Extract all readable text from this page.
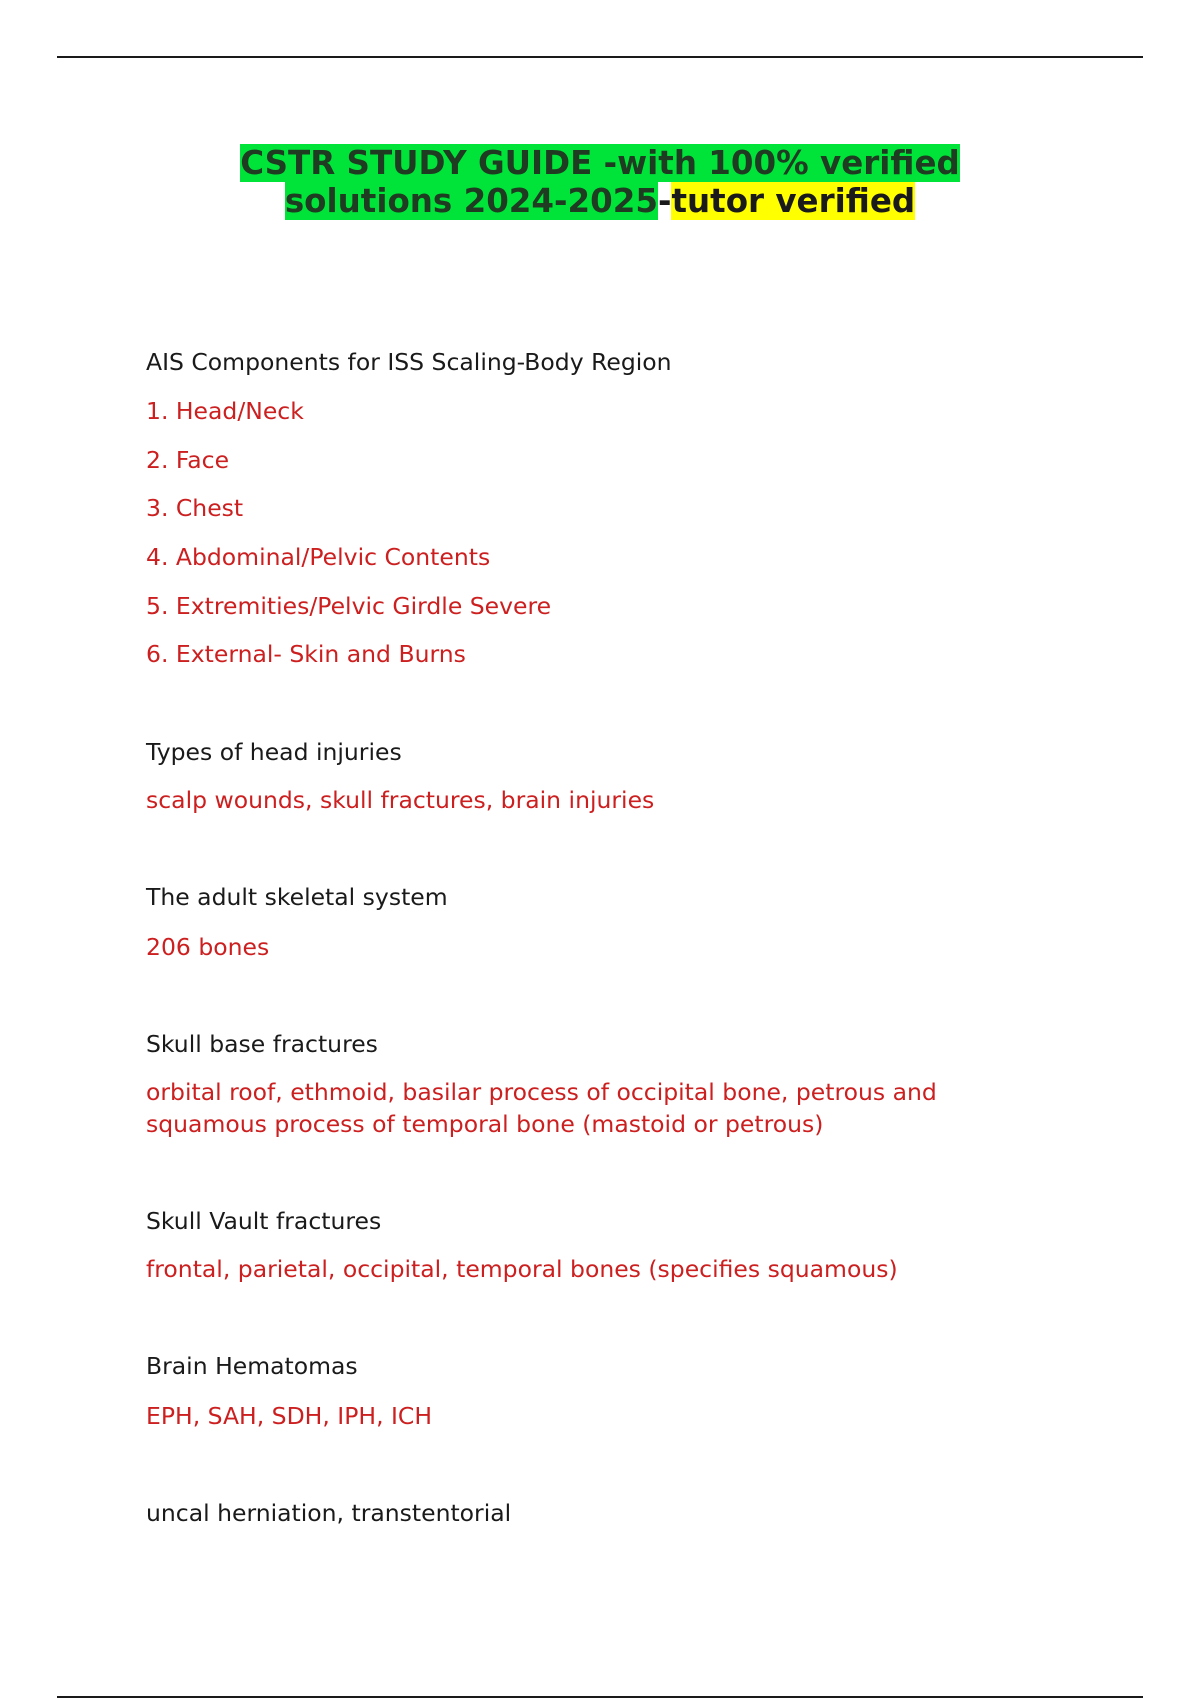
CSTR STUDY GUIDE -with 100% verified
solutions 2024-2025-tutor verified
AIS Components for ISS Scaling-Body Region
1. Head/Neck
2. Face
3. Chest
4. Abdominal/Pelvic Contents
5. Extremities/Pelvic Girdle Severe
6. External- Skin and Burns
Types of head injuries
scalp wounds, skull fractures, brain injuries
The adult skeletal system
206 bones
Skull base fractures
orbital roof, ethmoid, basilar process of occipital bone, petrous and
squamous process of temporal bone (mastoid or petrous)
Skull Vault fractures
frontal, parietal, occipital, temporal bones (specifies squamous)
Brain Hematomas
EPH, SAH, SDH, IPH, ICH
uncal herniation, transtentorial
